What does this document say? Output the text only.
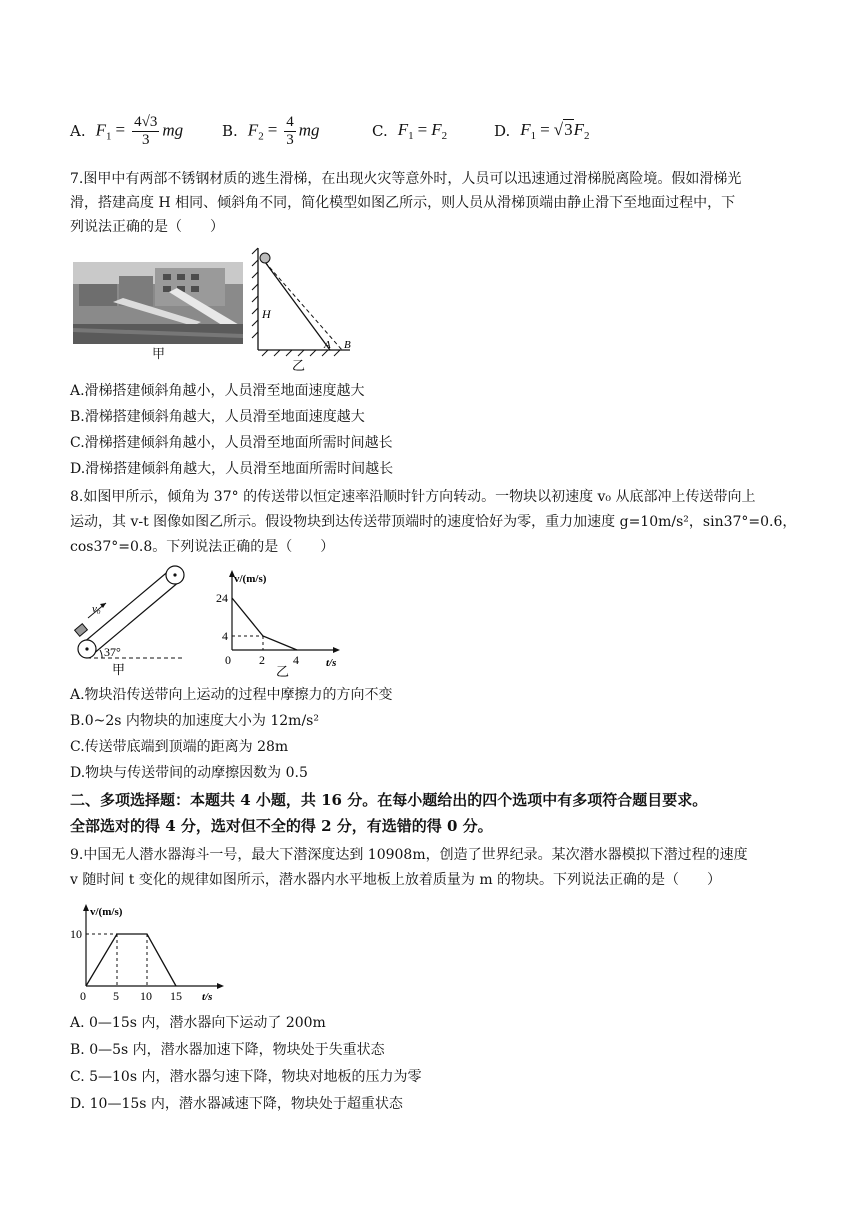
A. $F_1 = \frac{4√3}{3}$ mg	B. $F_2 = \frac{4}{3}$ mg	C. $F_1 = F_2$	D. $F_1 = √3F_2$
7.图甲中有两部不锈钢材质的逃生滑梯，在出现火灾等意外时，人员可以迅速通过滑梯脱离险境。假如滑梯光
滑，搭建高度 H 相同、倾斜角不同，简化模型如图乙所示，则人员从滑梯顶端由静止滑下至地面过程中，下
列说法正确的是（　　）
甲
H
A B
乙
A.滑梯搭建倾斜角越小，人员滑至地面速度越大
B.滑梯搭建倾斜角越大，人员滑至地面速度越大
C.滑梯搭建倾斜角越小，人员滑至地面所需时间越长
D.滑梯搭建倾斜角越大，人员滑至地面所需时间越长
8.如图甲所示，倾角为 37° 的传送带以恒定速率沿顺时针方向转动。一物块以初速度 v₀ 从底部冲上传送带向上
运动，其 v-t 图像如图乙所示。假设物块到达传送带顶端时的速度恰好为零，重力加速度 g=10m/s²，sin37°=0.6，
cos37°=0.8。下列说法正确的是（　　）
v₀
37°
甲
v/(m/s)
t/s
24
4
0 2 4
乙
A.物块沿传送带向上运动的过程中摩擦力的方向不变
B.0~2s 内物块的加速度大小为 12m/s²
C.传送带底端到顶端的距离为 28m
D.物块与传送带间的动摩擦因数为 0.5
二、多项选择题：本题共 4 小题，共 16 分。在每小题给出的四个选项中有多项符合题目要求。
全部选对的得 4 分，选对但不全的得 2 分，有选错的得 0 分。
9.中国无人潜水器海斗一号，最大下潜深度达到 10908m，创造了世界纪录。某次潜水器模拟下潜过程的速度
v 随时间 t 变化的规律如图所示，潜水器内水平地板上放着质量为 m 的物块。下列说法正确的是（　　）
v/(m/s)
t/s
10
0 5 10 15
A. 0—15s 内，潜水器向下运动了 200m
B. 0—5s 内，潜水器加速下降，物块处于失重状态
C. 5—10s 内，潜水器匀速下降，物块对地板的压力为零
D. 10—15s 内，潜水器减速下降，物块处于超重状态
